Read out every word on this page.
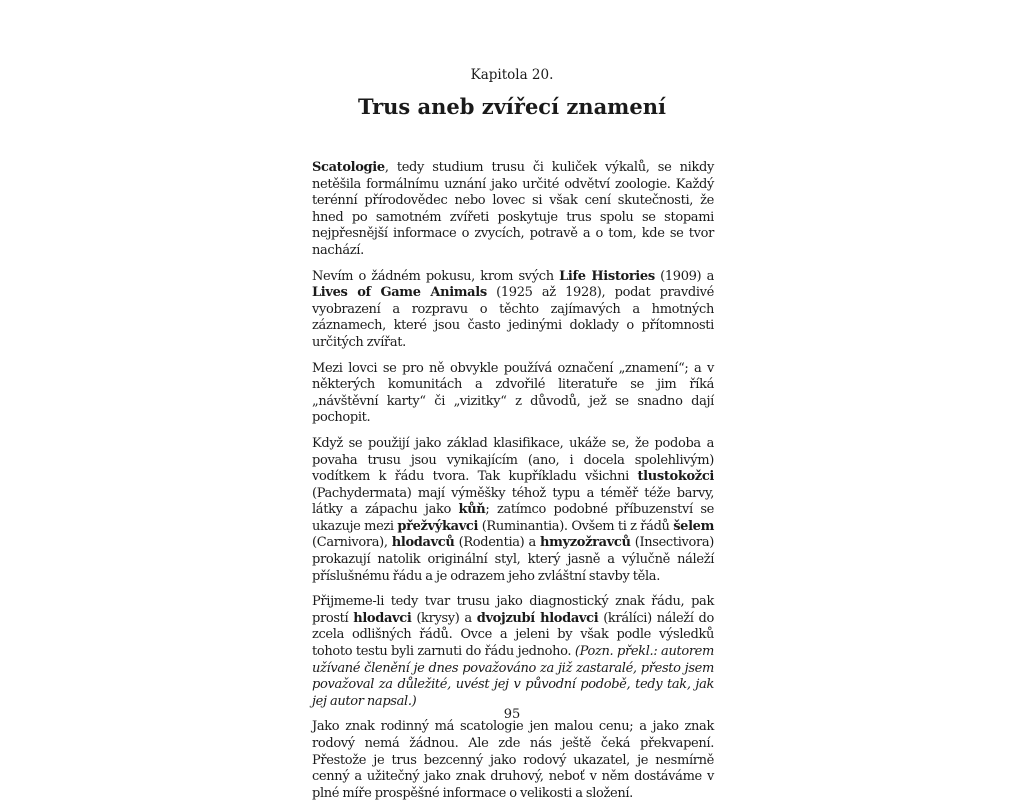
Kapitola 20.
Trus aneb zvířecí znamení

Scatologie, tedy studium trusu či kuliček výkalů, se nikdy netěšila formálnímu uznání jako určité odvětví zoologie. Každý terénní přírodovědec nebo lovec si však cení skutečnosti, že hned po samotném zvířeti poskytuje trus spolu se stopami nejpřesnější informace o zvycích, potravě a o tom, kde se tvor nachází.

Nevím o žádném pokusu, krom svých Life Histories (1909) a Lives of Game Animals (1925 až 1928), podat pravdivé vyobrazení a rozpravu o těchto zajímavých a hmotných záznamech, které jsou často jedinými doklady o přítomnosti určitých zvířat.

Mezi lovci se pro ně obvykle používá označení „znamení“; a v některých komunitách a zdvořilé literatuře se jim říká „návštěvní karty“ či „vizitky“ z důvodů, jež se snadno dají pochopit.

Když se použijí jako základ klasifikace, ukáže se, že podoba a povaha trusu jsou vynikajícím (ano, i docela spolehlivým) vodítkem k řádu tvora. Tak kupříkladu všichni tlustokožci (Pachydermata) mají výměšky téhož typu a téměř téže barvy, látky a zápachu jako kůň; zatímco podobné příbuzenství se ukazuje mezi přežvýkavci (Ruminantia). Ovšem ti z řádů šelem (Carnivora), hlodavců (Rodentia) a hmyzožravců (Insectivora) prokazují natolik originální styl, který jasně a výlučně náleží příslušnému řádu a je odrazem jeho zvláštní stavby těla.

Přijmeme-li tedy tvar trusu jako diagnostický znak řádu, pak prostí hlodavci (krysy) a dvojzubí hlodavci (králíci) náleží do zcela odlišných řádů. Ovce a jeleni by však podle výsledků tohoto testu byli zarnuti do řádu jednoho. (Pozn. překl.: autorem užívané členění je dnes považováno za již zastaralé, přesto jsem považoval za důležité, uvést jej v původní podobě, tedy tak, jak jej autor napsal.)

Jako znak rodinný má scatologie jen malou cenu; a jako znak rodový nemá žádnou. Ale zde nás ještě čeká překvapení. Přestože je trus bezcenný jako rodový ukazatel, je nesmírně cenný a užitečný jako znak druhový, neboť v něm dostáváme v plné míře prospěšné informace o velikosti a složení.

95
